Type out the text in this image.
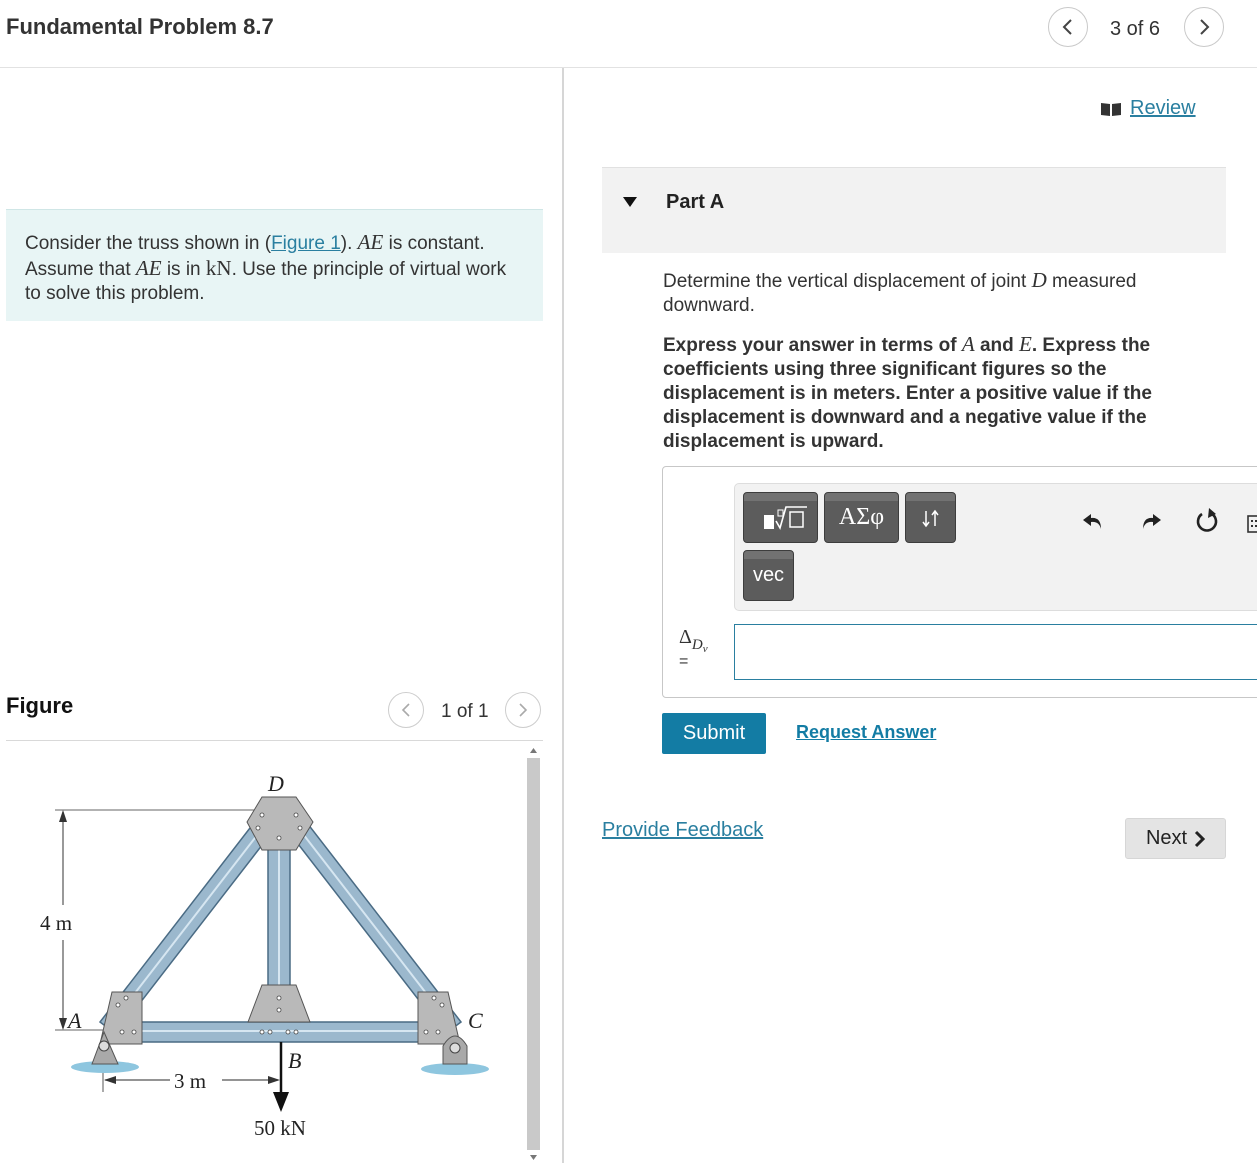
Fundamental Problem 8.7	3 of 6
Consider the truss shown in (Figure 1). AE is constant. Assume that AE is in kN. Use the principle of virtual work to solve this problem.
Figure	1 of 1
D
A
B
C
4 m
3 m
50 kN
Review
Part A
Determine the vertical displacement of joint D measured downward.
Express your answer in terms of A and E. Express the coefficients using three significant figures so the displacement is in meters. Enter a positive value if the displacement is downward and a negative value if the displacement is upward.
ΑΣφ
vec
$\Delta_{Dv}$
=
Submit	Request Answer
Provide Feedback	Next
